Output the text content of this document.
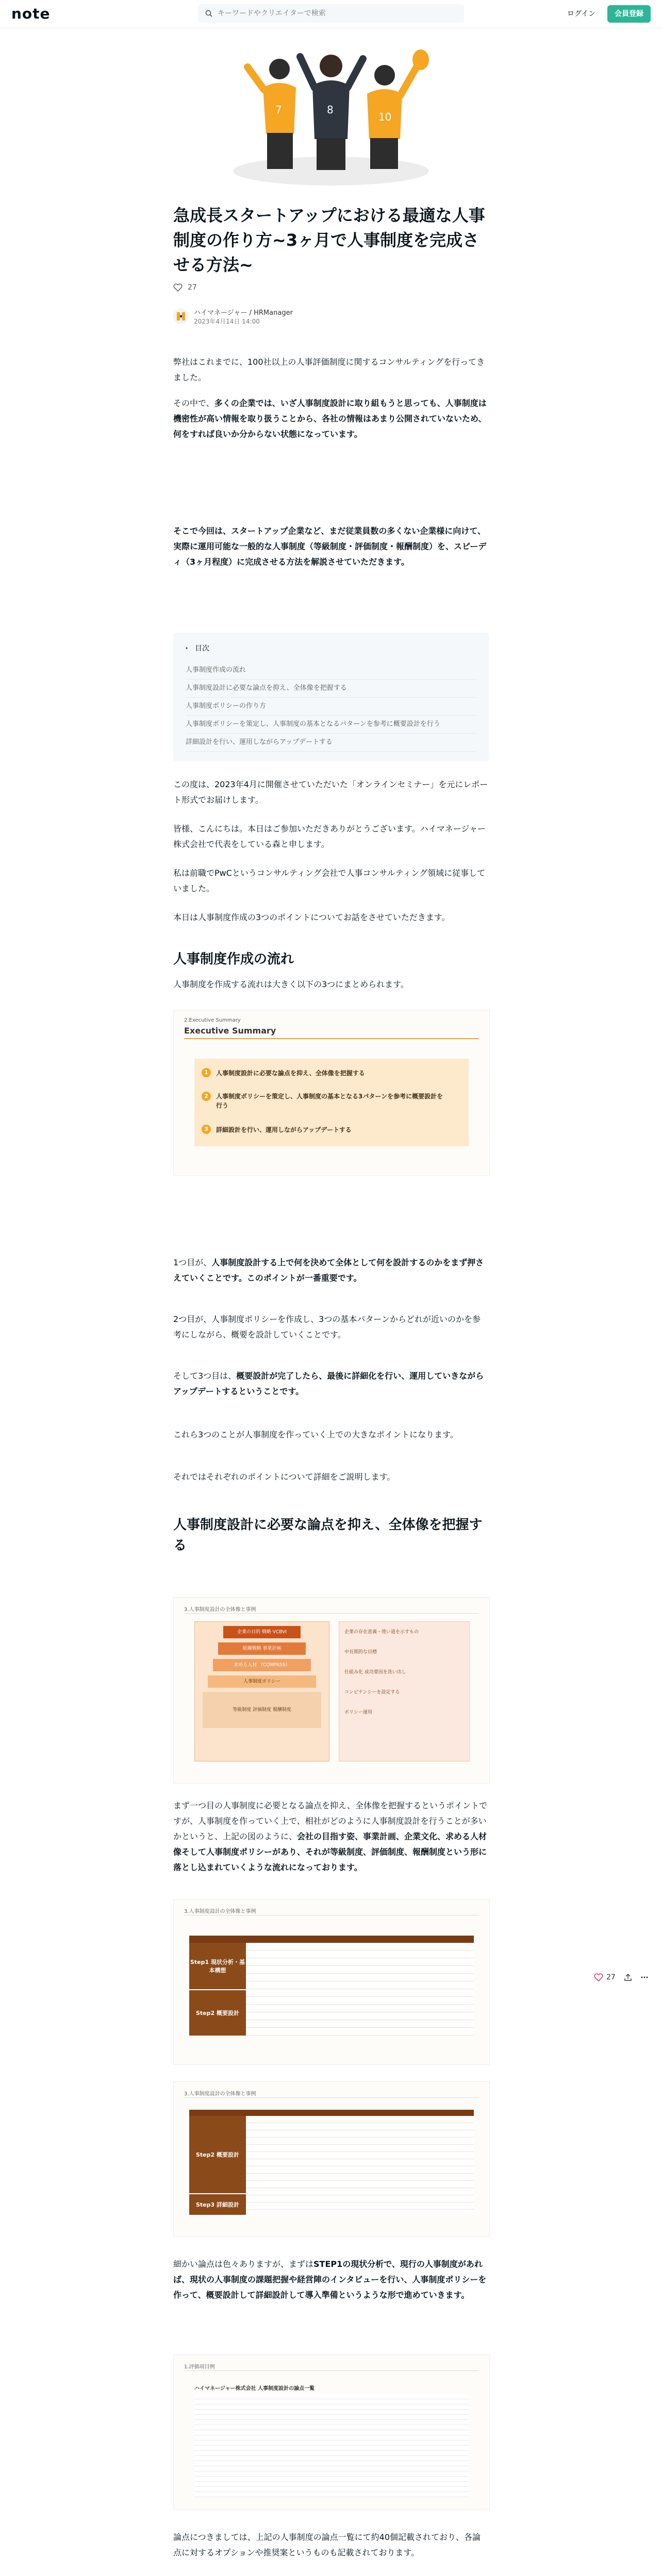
note
キーワードやクリエイターで検索	ログイン	会員登録
7	8
10
急成長スタートアップにおける最適な人事制度の作り方~3ヶ月で人事制度を完成させる方法~
27
ハイマネージャー / HRManager
2023年4月14日 14:00

弊社はこれまでに、100社以上の人事評価制度に関するコンサルティングを行ってきました。

その中で、多くの企業では、いざ人事制度設計に取り組もうと思っても、人事制度は機密性が高い情報を取り扱うことから、各社の情報はあまり公開されていないため、何をすれば良いか分からない状態になっています。

そこで今回は、スタートアップ企業など、まだ従業員数の多くない企業様に向けて、実際に運用可能な一般的な人事制度（等級制度・評価制度・報酬制度）を、スピーディ（3ヶ月程度）に完成させる方法を解説させていただきます。

目次
人事制度作成の流れ
人事制度設計に必要な論点を抑え、全体像を把握する
人事制度ポリシーの作り方
人事制度ポリシーを策定し、人事制度の基本となるパターンを参考に概要設計を行う
詳細設計を行い、運用しながらアップデートする

この度は、2023年4月に開催させていただいた「オンラインセミナー」を元にレポート形式でお届けします。

皆様、こんにちは。本日はご参加いただきありがとうございます。ハイマネージャー株式会社で代表をしている森と申します。

私は前職でPwCというコンサルティング会社で人事コンサルティング領域に従事していました。

本日は人事制度作成の3つのポイントについてお話をさせていただきます。

人事制度作成の流れ

人事制度を作成する流れは大きく以下の3つにまとめられます。

2.Executive Summary
Executive Summary
1	人事制度設計に必要な論点を抑え、全体像を把握する
2	人事制度ポリシーを策定し、人事制度の基本となる3パターンを参考に概要設計を行う
3	詳細設計を行い、運用しながらアップデートする

1つ目が、人事制度設計する上で何を決めて全体として何を設計するのかをまず押さえていくことです。このポイントが一番重要です。

2つ目が、人事制度ポリシーを作成し、3つの基本パターンからどれが近いのかを参考にしながら、概要を設計していくことです。

そして3つ目は、概要設計が完了したら、最後に詳細化を行い、運用していきながらアップデートするということです。

これら3つのことが人事制度を作っていく上での大きなポイントになります。

それではそれぞれのポイントについて詳細をご説明します。

人事制度設計に必要な論点を抑え、全体像を把握する
3.人事制度設計の全体像と事例
企業の目的 戦略 VCBVI
組織戦略 事業計画
求める人材 （COMPASS）
人事制度ポリシー
等級制度 評価制度 報酬制度
企業の存在意義・使い道を示すもの
中長期的な目標
仕組み化 成功要因を洗い出し
コンピテンシーを設定する
ポリシー運用

まず一つ目の人事制度に必要となる論点を抑え、全体像を把握するというポイントですが、人事制度を作っていく上で、相社がどのように人事制度設計を行うことが多いかというと、上記の図のように、会社の目指す姿、事業計画、企業文化、求める人材像そして人事制度ポリシーがあり、それが等級制度、評価制度、報酬制度という形に落とし込まれていくような流れになっております。

3.人事制度設計の全体像と事例
Step1 現状分析・基本構想
Step2 概要設計
3.人事制度設計の全体像と事例
Step2 概要設計
Step3 詳細設計

細かい論点は色々ありますが、まずはSTEP1の現状分析で、現行の人事制度があれば、現状の人事制度の課題把握や経営陣のインタビューを行い、人事制度ポリシーを作って、概要設計して詳細設計して導入準備というような形で進めていきます。

1.評価項目例
ハイマネージャー株式会社 人事制度設計の論点一覧

論点につきましては、上記の人事制度の論点一覧にて約40個記載されており、各論点に対するオプションや推奨案というものも記載されております。

27
